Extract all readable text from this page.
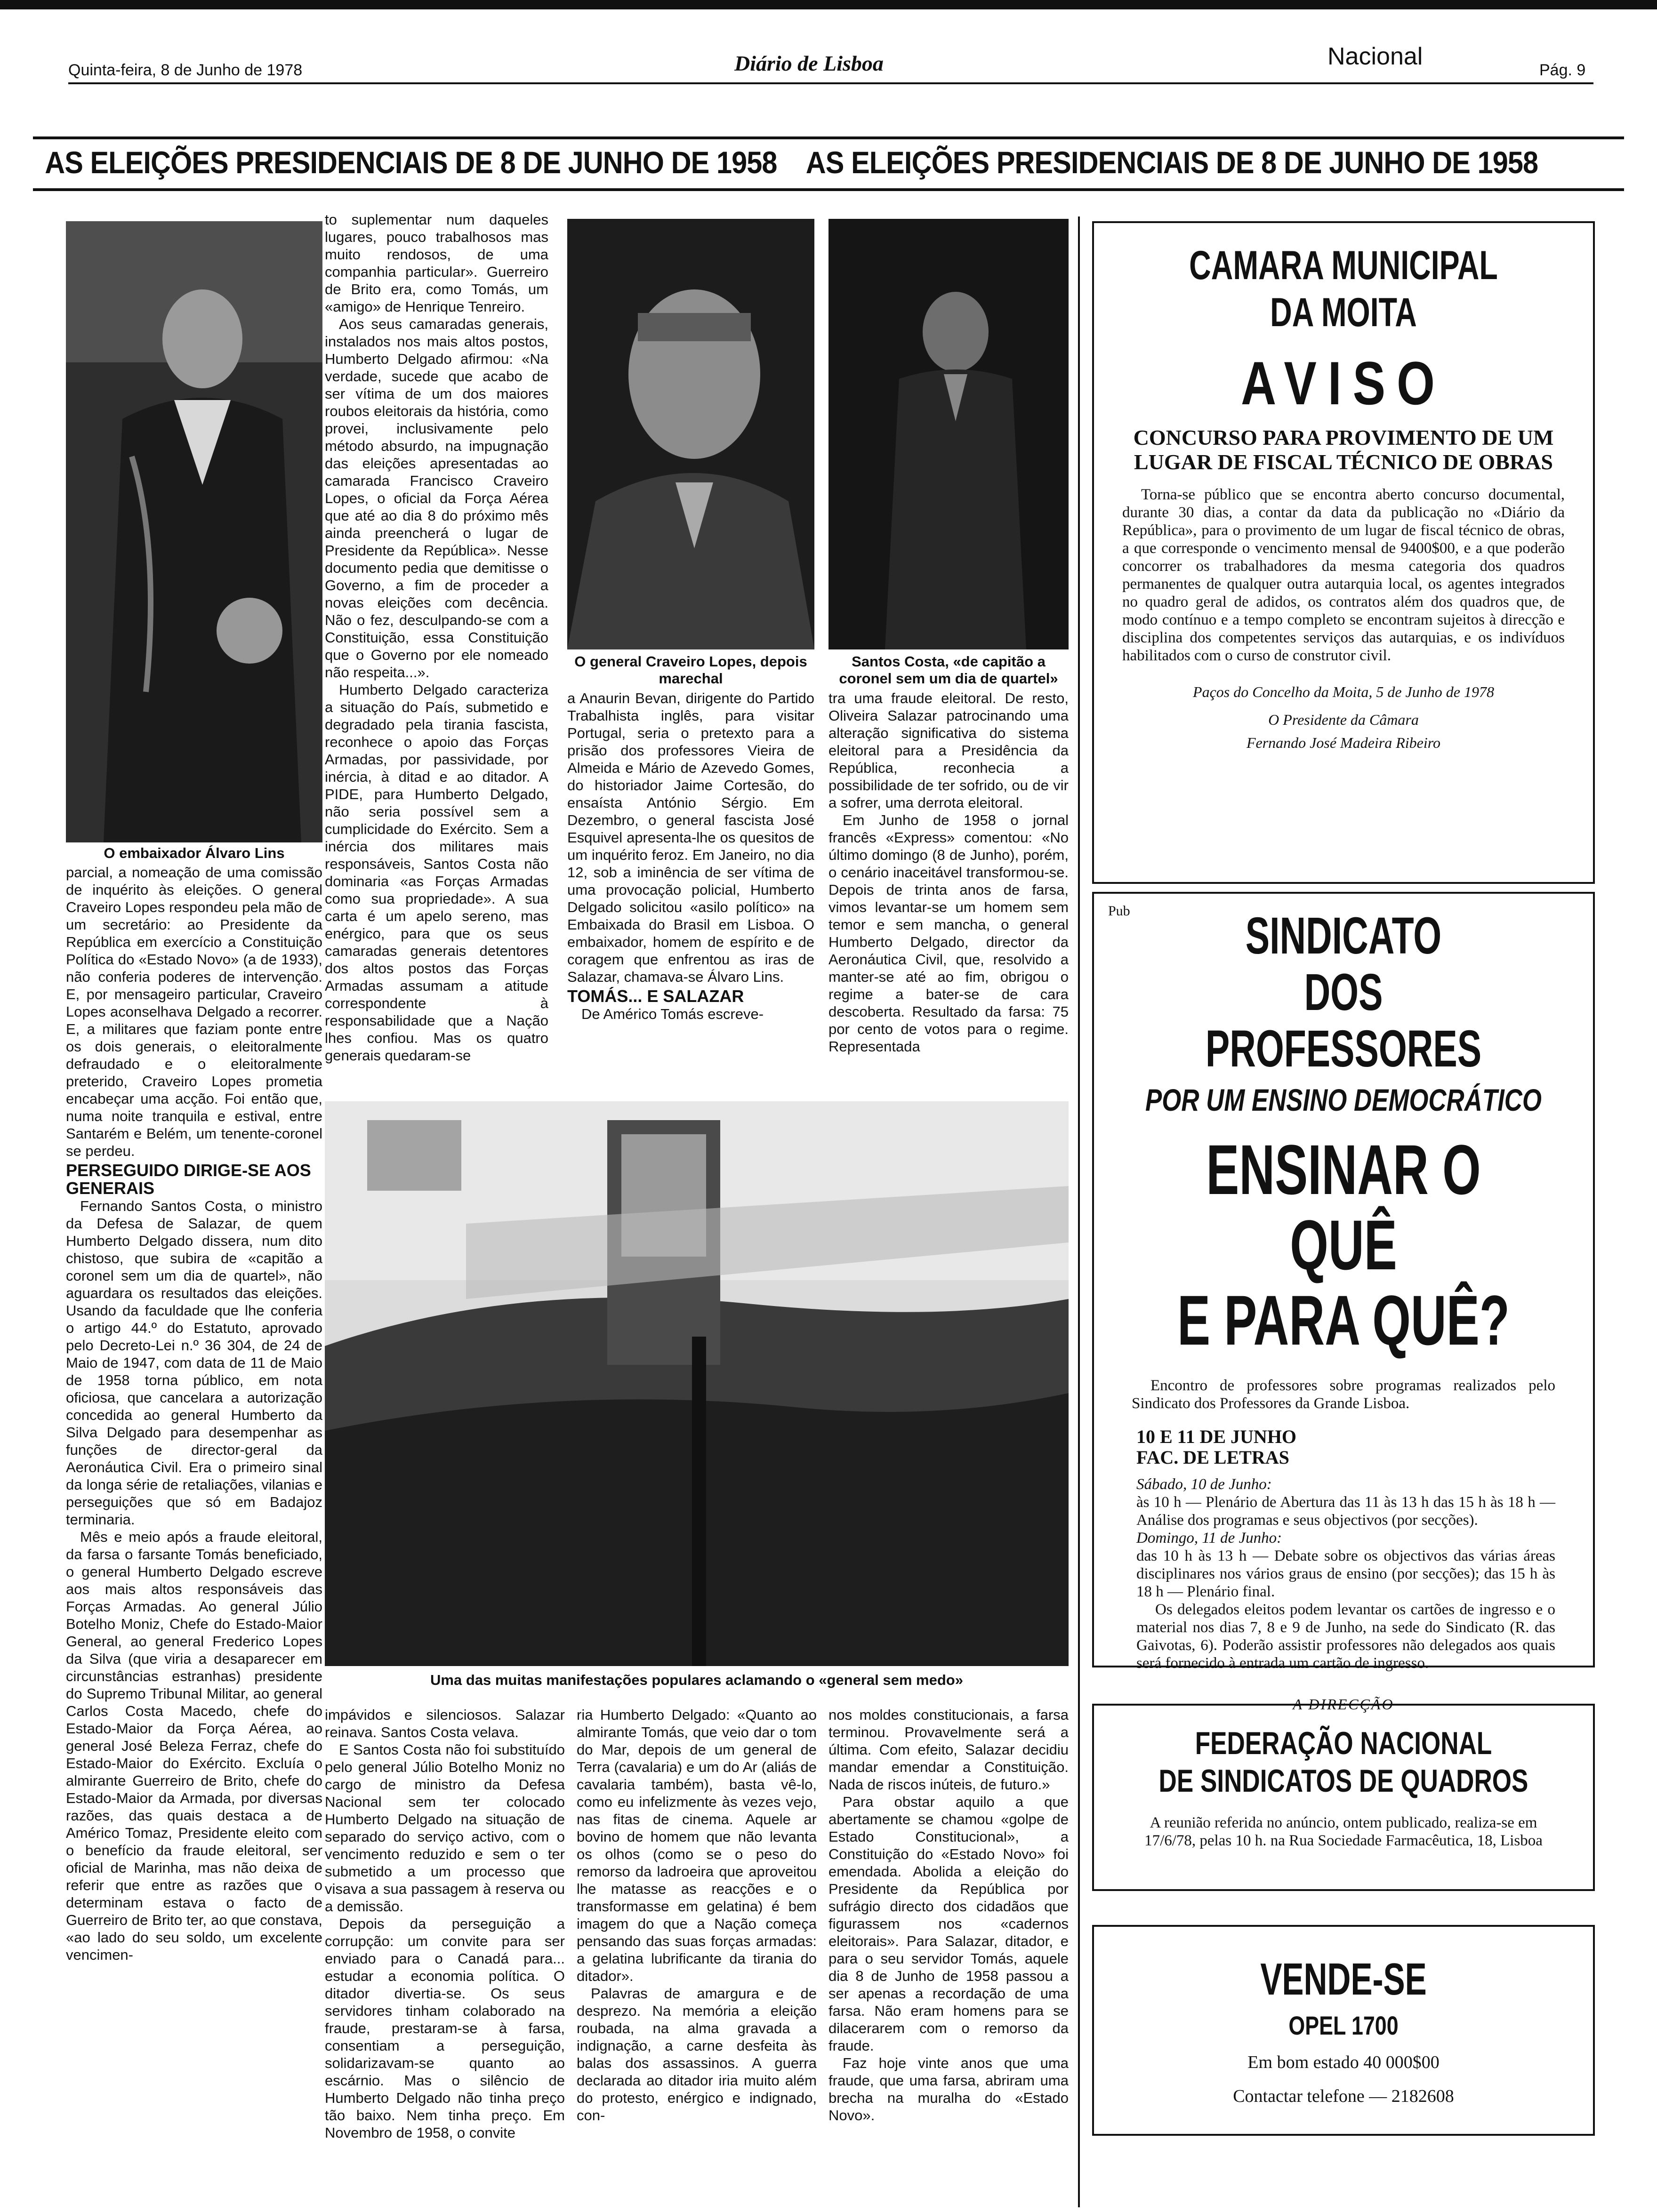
Quinta-feira, 8 de Junho de 1978	Diário de Lisboa	Nacional	Pág. 9
AS ELEIÇÕES PRESIDENCIAIS DE 8 DE JUNHO DE 1958 AS ELEIÇÕES PRESIDENCIAIS DE 8 DE JUNHO DE 1958
O embaixador Álvaro Lins

parcial, a nomeação de uma comissão de inquérito às eleições. O general Craveiro Lopes respondeu pela mão de um secretário: ao Presidente da República em exercício a Constituição Política do «Estado Novo» (a de 1933), não conferia poderes de intervenção. E, por mensageiro particular, Craveiro Lopes aconselhava Delgado a recorrer. E, a militares que faziam ponte entre os dois generais, o eleitoralmente defraudado e o eleitoralmente preterido, Craveiro Lopes prometia encabeçar uma acção. Foi então que, numa noite tranquila e estival, entre Santarém e Belém, um tenente-coronel se perdeu.

PERSEGUIDO DIRIGE-SE AOS GENERAIS

Fernando Santos Costa, o ministro da Defesa de Salazar, de quem Humberto Delgado dissera, num dito chistoso, que subira de «capitão a coronel sem um dia de quartel», não aguardara os resultados das eleições. Usando da faculdade que lhe conferia o artigo 44.º do Estatuto, aprovado pelo Decreto-Lei n.º 36 304, de 24 de Maio de 1947, com data de 11 de Maio de 1958 torna público, em nota oficiosa, que cancelara a autorização concedida ao general Humberto da Silva Delgado para desempenhar as funções de director-geral da Aeronáutica Civil. Era o primeiro sinal da longa série de retaliações, vilanias e perseguições que só em Badajoz terminaria.

Mês e meio após a fraude eleitoral, da farsa o farsante Tomás beneficiado, o general Humberto Delgado escreve aos mais altos responsáveis das Forças Armadas. Ao general Júlio Botelho Moniz, Chefe do Estado-Maior General, ao general Frederico Lopes da Silva (que viria a desaparecer em circunstâncias estranhas) presidente do Supremo Tribunal Militar, ao general Carlos Costa Macedo, chefe do Estado-Maior da Força Aérea, ao general José Beleza Ferraz, chefe do Estado-Maior do Exército. Excluía o almirante Guerreiro de Brito, chefe do Estado-Maior da Armada, por diversas razões, das quais destaca a de Américo Tomaz, Presidente eleito com o benefício da fraude eleitoral, ser oficial de Marinha, mas não deixa de referir que entre as razões que o determinam estava o facto de Guerreiro de Brito ter, ao que constava, «ao lado do seu soldo, um excelente vencimen-

to suplementar num daqueles lugares, pouco trabalhosos mas muito rendosos, de uma companhia particular». Guerreiro de Brito era, como Tomás, um «amigo» de Henrique Tenreiro.

Aos seus camaradas generais, instalados nos mais altos postos, Humberto Delgado afirmou: «Na verdade, sucede que acabo de ser vítima de um dos maiores roubos eleitorais da história, como provei, inclusivamente pelo método absurdo, na impugnação das eleições apresentadas ao camarada Francisco Craveiro Lopes, o oficial da Força Aérea que até ao dia 8 do próximo mês ainda preencherá o lugar de Presidente da República». Nesse documento pedia que demitisse o Governo, a fim de proceder a novas eleições com decência. Não o fez, desculpando-se com a Constituição, essa Constituição que o Governo por ele nomeado não respeita...».

Humberto Delgado caracteriza a situação do País, submetido e degradado pela tirania fascista, reconhece o apoio das Forças Armadas, por passividade, por inércia, à ditad e ao ditador. A PIDE, para Humberto Delgado, não seria possível sem a cumplicidade do Exército. Sem a inércia dos militares mais responsáveis, Santos Costa não dominaria «as Forças Armadas como sua propriedade». A sua carta é um apelo sereno, mas enérgico, para que os seus camaradas generais detentores dos altos postos das Forças Armadas assumam a atitude correspondente à responsabilidade que a Nação lhes confiou. Mas os quatro generais quedaram-se

O general Craveiro Lopes, depois marechal
Santos Costa, «de capitão a coronel sem um dia de quartel»

a Anaurin Bevan, dirigente do Partido Trabalhista inglês, para visitar Portugal, seria o pretexto para a prisão dos professores Vieira de Almeida e Mário de Azevedo Gomes, do historiador Jaime Cortesão, do ensaísta António Sérgio. Em Dezembro, o general fascista José Esquivel apresenta-lhe os quesitos de um inquérito feroz. Em Janeiro, no dia 12, sob a iminência de ser vítima de uma provocação policial, Humberto Delgado solicitou «asilo político» na Embaixada do Brasil em Lisboa. O embaixador, homem de espírito e de coragem que enfrentou as iras de Salazar, chamava-se Álvaro Lins.

TOMÁS... E SALAZAR

De Américo Tomás escreve-

tra uma fraude eleitoral. De resto, Oliveira Salazar patrocinando uma alteração significativa do sistema eleitoral para a Presidência da República, reconhecia a possibilidade de ter sofrido, ou de vir a sofrer, uma derrota eleitoral.

Em Junho de 1958 o jornal francês «Express» comentou: «No último domingo (8 de Junho), porém, o cenário inaceitável transformou-se. Depois de trinta anos de farsa, vimos levantar-se um homem sem temor e sem mancha, o general Humberto Delgado, director da Aeronáutica Civil, que, resolvido a manter-se até ao fim, obrigou o regime a bater-se de cara descoberta. Resultado da farsa: 75 por cento de votos para o regime. Representada

Uma das muitas manifestações populares aclamando o «general sem medo»

impávidos e silenciosos. Salazar reinava. Santos Costa velava.

E Santos Costa não foi substituído pelo general Júlio Botelho Moniz no cargo de ministro da Defesa Nacional sem ter colocado Humberto Delgado na situação de separado do serviço activo, com o vencimento reduzido e sem o ter submetido a um processo que visava a sua passagem à reserva ou a demissão.

Depois da perseguição a corrupção: um convite para ser enviado para o Canadá para... estudar a economia política. O ditador divertia-se. Os seus servidores tinham colaborado na fraude, prestaram-se à farsa, consentiam a perseguição, solidarizavam-se quanto ao escárnio. Mas o silêncio de Humberto Delgado não tinha preço tão baixo. Nem tinha preço. Em Novembro de 1958, o convite

ria Humberto Delgado: «Quanto ao almirante Tomás, que veio dar o tom do Mar, depois de um general de Terra (cavalaria) e um do Ar (aliás de cavalaria também), basta vê-lo, como eu infelizmente às vezes vejo, nas fitas de cinema. Aquele ar bovino de homem que não levanta os olhos (como se o peso do remorso da ladroeira que aproveitou lhe matasse as reacções e o transformasse em gelatina) é bem imagem do que a Nação começa pensando das suas forças armadas: a gelatina lubrificante da tirania do ditador».

Palavras de amargura e de desprezo. Na memória a eleição roubada, na alma gravada a indignação, a carne desfeita às balas dos assassinos. A guerra declarada ao ditador iria muito além do protesto, enérgico e indignado, con-

nos moldes constitucionais, a farsa terminou. Provavelmente será a última. Com efeito, Salazar decidiu mandar emendar a Constituição. Nada de riscos inúteis, de futuro.»

Para obstar aquilo a que abertamente se chamou «golpe de Estado Constitucional», a Constituição do «Estado Novo» foi emendada. Abolida a eleição do Presidente da República por sufrágio directo dos cidadãos que figurassem nos «cadernos eleitorais». Para Salazar, ditador, e para o seu servidor Tomás, aquele dia 8 de Junho de 1958 passou a ser apenas a recordação de uma farsa. Não eram homens para se dilacerarem com o remorso da fraude.

Faz hoje vinte anos que uma fraude, que uma farsa, abriram uma brecha na muralha do «Estado Novo».

CAMARA MUNICIPAL
DA MOITA
AVISO
CONCURSO PARA PROVIMENTO DE UM LUGAR DE FISCAL TÉCNICO DE OBRAS
Torna-se público que se encontra aberto concurso documental, durante 30 dias, a contar da data da publicação no «Diário da República», para o provimento de um lugar de fiscal técnico de obras, a que corresponde o vencimento mensal de 9400$00, e a que poderão concorrer os trabalhadores da mesma categoria dos quadros permanentes de qualquer outra autarquia local, os agentes integrados no quadro geral de adidos, os contratos além dos quadros que, de modo contínuo e a tempo completo se encontram sujeitos à direcção e disciplina dos competentes serviços das autarquias, e os indivíduos habilitados com o curso de construtor civil.
Paços do Concelho da Moita, 5 de Junho de 1978
O Presidente da Câmara
Fernando José Madeira Ribeiro
Pub	SINDICATO
DOS PROFESSORES
POR UM ENSINO DEMOCRÁTICO
ENSINAR O QUÊ
E PARA QUÊ?
Encontro de professores sobre programas realizados pelo Sindicato dos Professores da Grande Lisboa.
10 E 11 DE JUNHO
FAC. DE LETRAS
Sábado, 10 de Junho:
às 10 h — Plenário de Abertura das 11 às 13 h das 15 h às 18 h — Análise dos programas e seus objectivos (por secções).
Domingo, 11 de Junho:
das 10 h às 13 h — Debate sobre os objectivos das várias áreas disciplinares nos vários graus de ensino (por secções); das 15 h às 18 h — Plenário final.
Os delegados eleitos podem levantar os cartões de ingresso e o material nos dias 7, 8 e 9 de Junho, na sede do Sindicato (R. das Gaivotas, 6). Poderão assistir professores não delegados aos quais será fornecido à entrada um cartão de ingresso.
A DIRECÇÃO
FEDERAÇÃO NACIONAL
DE SINDICATOS DE QUADROS
A reunião referida no anúncio, ontem publicado, realiza-se em 17/6/78, pelas 10 h. na Rua Sociedade Farmacêutica, 18, Lisboa
VENDE-SE
OPEL 1700
Em bom estado 40 000$00
Contactar telefone — 2182608
